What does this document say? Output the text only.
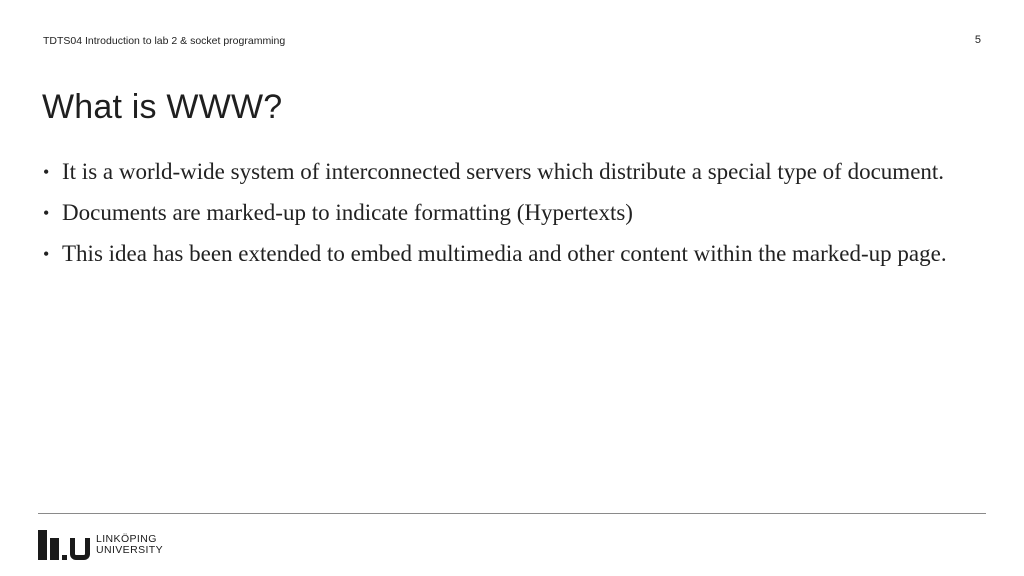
TDTS04 Introduction to lab 2 & socket programming	5
What is WWW?
• It is a world-wide system of interconnected servers which distribute a special type of document.
• Documents are marked-up to indicate formatting (Hypertexts)
• This idea has been extended to embed multimedia and other content within the marked-up page.
LINKÖPING
UNIVERSITY
